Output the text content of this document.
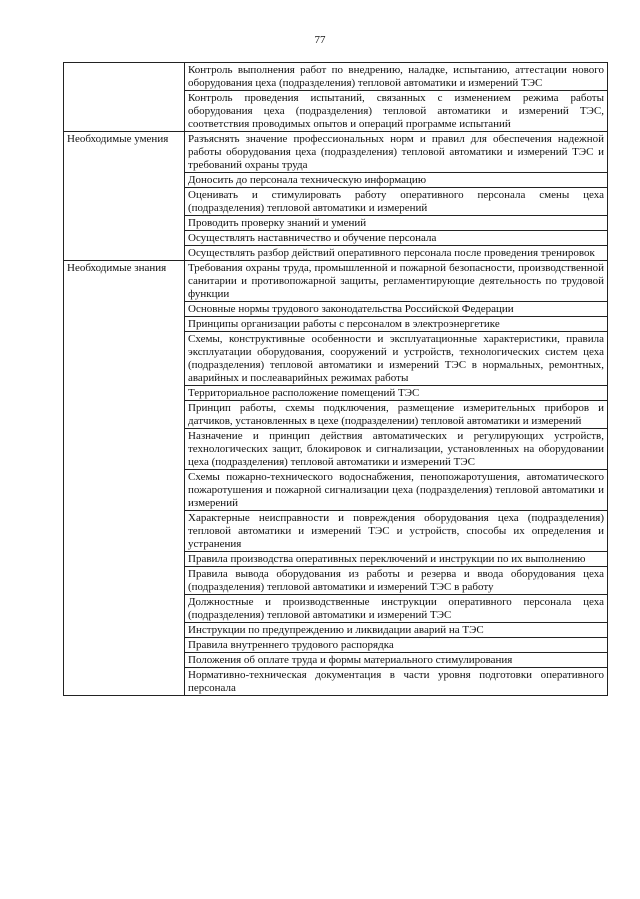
77
	Контроль выполнения работ по внедрению, наладке, испытанию, аттестации нового оборудования цеха (подразделения) тепловой автоматики и измерений ТЭС
	Контроль проведения испытаний, связанных с изменением режима работы оборудования цеха (подразделения) тепловой автоматики и измерений ТЭС, соответствия проводимых опытов и операций программе испытаний
Необходимые умения	Разъяснять значение профессиональных норм и правил для обеспечения надежной работы оборудования цеха (подразделения) тепловой автоматики и измерений ТЭС и требований охраны труда
	Доносить до персонала техническую информацию
	Оценивать и стимулировать работу оперативного персонала смены цеха (подразделения) тепловой автоматики и измерений
	Проводить проверку знаний и умений
	Осуществлять наставничество и обучение персонала
	Осуществлять разбор действий оперативного персонала после проведения тренировок
Необходимые знания	Требования охраны труда, промышленной и пожарной безопасности, производственной санитарии и противопожарной защиты, регламентирующие деятельность по трудовой функции
	Основные нормы трудового законодательства Российской Федерации
	Принципы организации работы с персоналом в электроэнергетике
	Схемы, конструктивные особенности и эксплуатационные характеристики, правила эксплуатации оборудования, сооружений и устройств, технологических систем цеха (подразделения) тепловой автоматики и измерений ТЭС в нормальных, ремонтных, аварийных и послеаварийных режимах работы
	Территориальное расположение помещений ТЭС
	Принцип работы, схемы подключения, размещение измерительных приборов и датчиков, установленных в цехе (подразделении) тепловой автоматики и измерений
	Назначение и принцип действия автоматических и регулирующих устройств, технологических защит, блокировок и сигнализации, установленных на оборудовании цеха (подразделения) тепловой автоматики и измерений ТЭС
	Схемы пожарно-технического водоснабжения, пенопожаротушения, автоматического пожаротушения и пожарной сигнализации цеха (подразделения) тепловой автоматики и измерений
	Характерные неисправности и повреждения оборудования цеха (подразделения) тепловой автоматики и измерений ТЭС и устройств, способы их определения и устранения
	Правила производства оперативных переключений и инструкции по их выполнению
	Правила вывода оборудования из работы и резерва и ввода оборудования цеха (подразделения) тепловой автоматики и измерений ТЭС в работу
	Должностные и производственные инструкции оперативного персонала цеха (подразделения) тепловой автоматики и измерений ТЭС
	Инструкции по предупреждению и ликвидации аварий на ТЭС
	Правила внутреннего трудового распорядка
	Положения об оплате труда и формы материального стимулирования
	Нормативно-техническая документация в части уровня подготовки оперативного персонала
